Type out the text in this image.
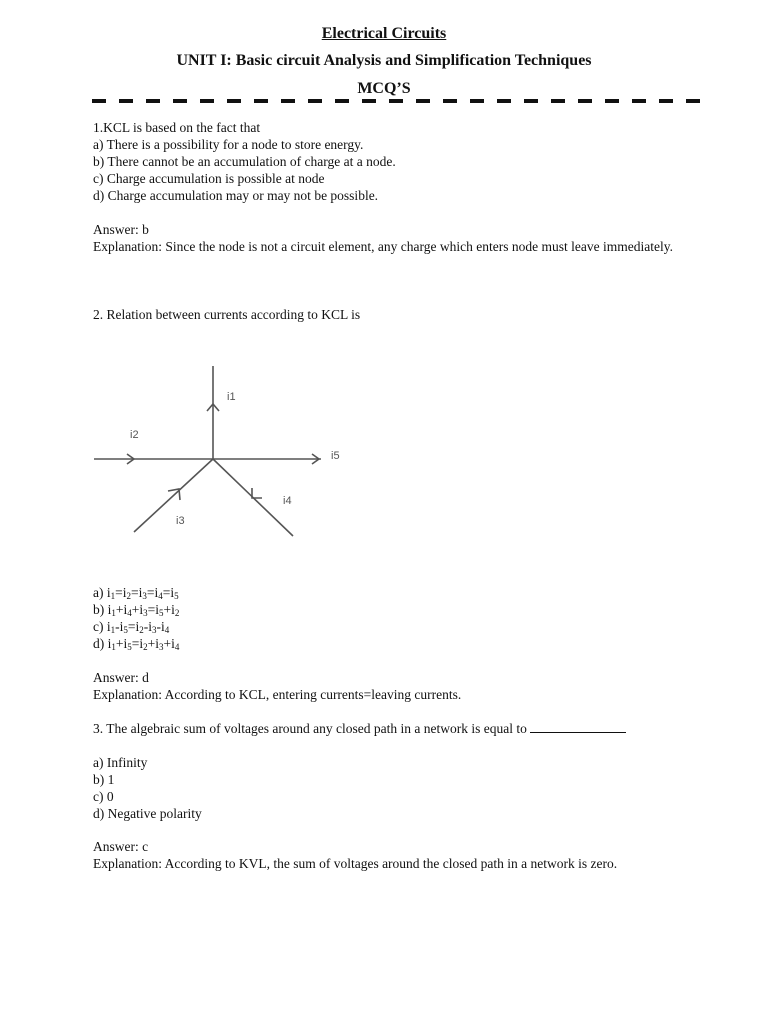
Electrical Circuits
UNIT I: Basic circuit Analysis and Simplification Techniques
MCQ’S
1.KCL is based on the fact that
a) There is a possibility for a node to store energy.
b) There cannot be an accumulation of charge at a node.
c) Charge accumulation is possible at node
d) Charge accumulation may or may not be possible.
Answer: b
Explanation: Since the node is not a circuit element, any charge which enters node must leave immediately.
2. Relation between currents according to KCL is
i1
i2
i5
i3
i4
a) $i_1=i_2=i_3=i_4=i_5$
b) $i_1+i_4+i_3=i_5+i_2$
c) $i_1-i_5=i_2-i_3-i_4$
d) $i_1+i_5=i_2+i_3+i_4$
Answer: d
Explanation: According to KCL, entering currents=leaving currents.
3. The algebraic sum of voltages around any closed path in a network is equal to
a) Infinity
b) 1
c) 0
d) Negative polarity
Answer: c
Explanation: According to KVL, the sum of voltages around the closed path in a network is zero.
